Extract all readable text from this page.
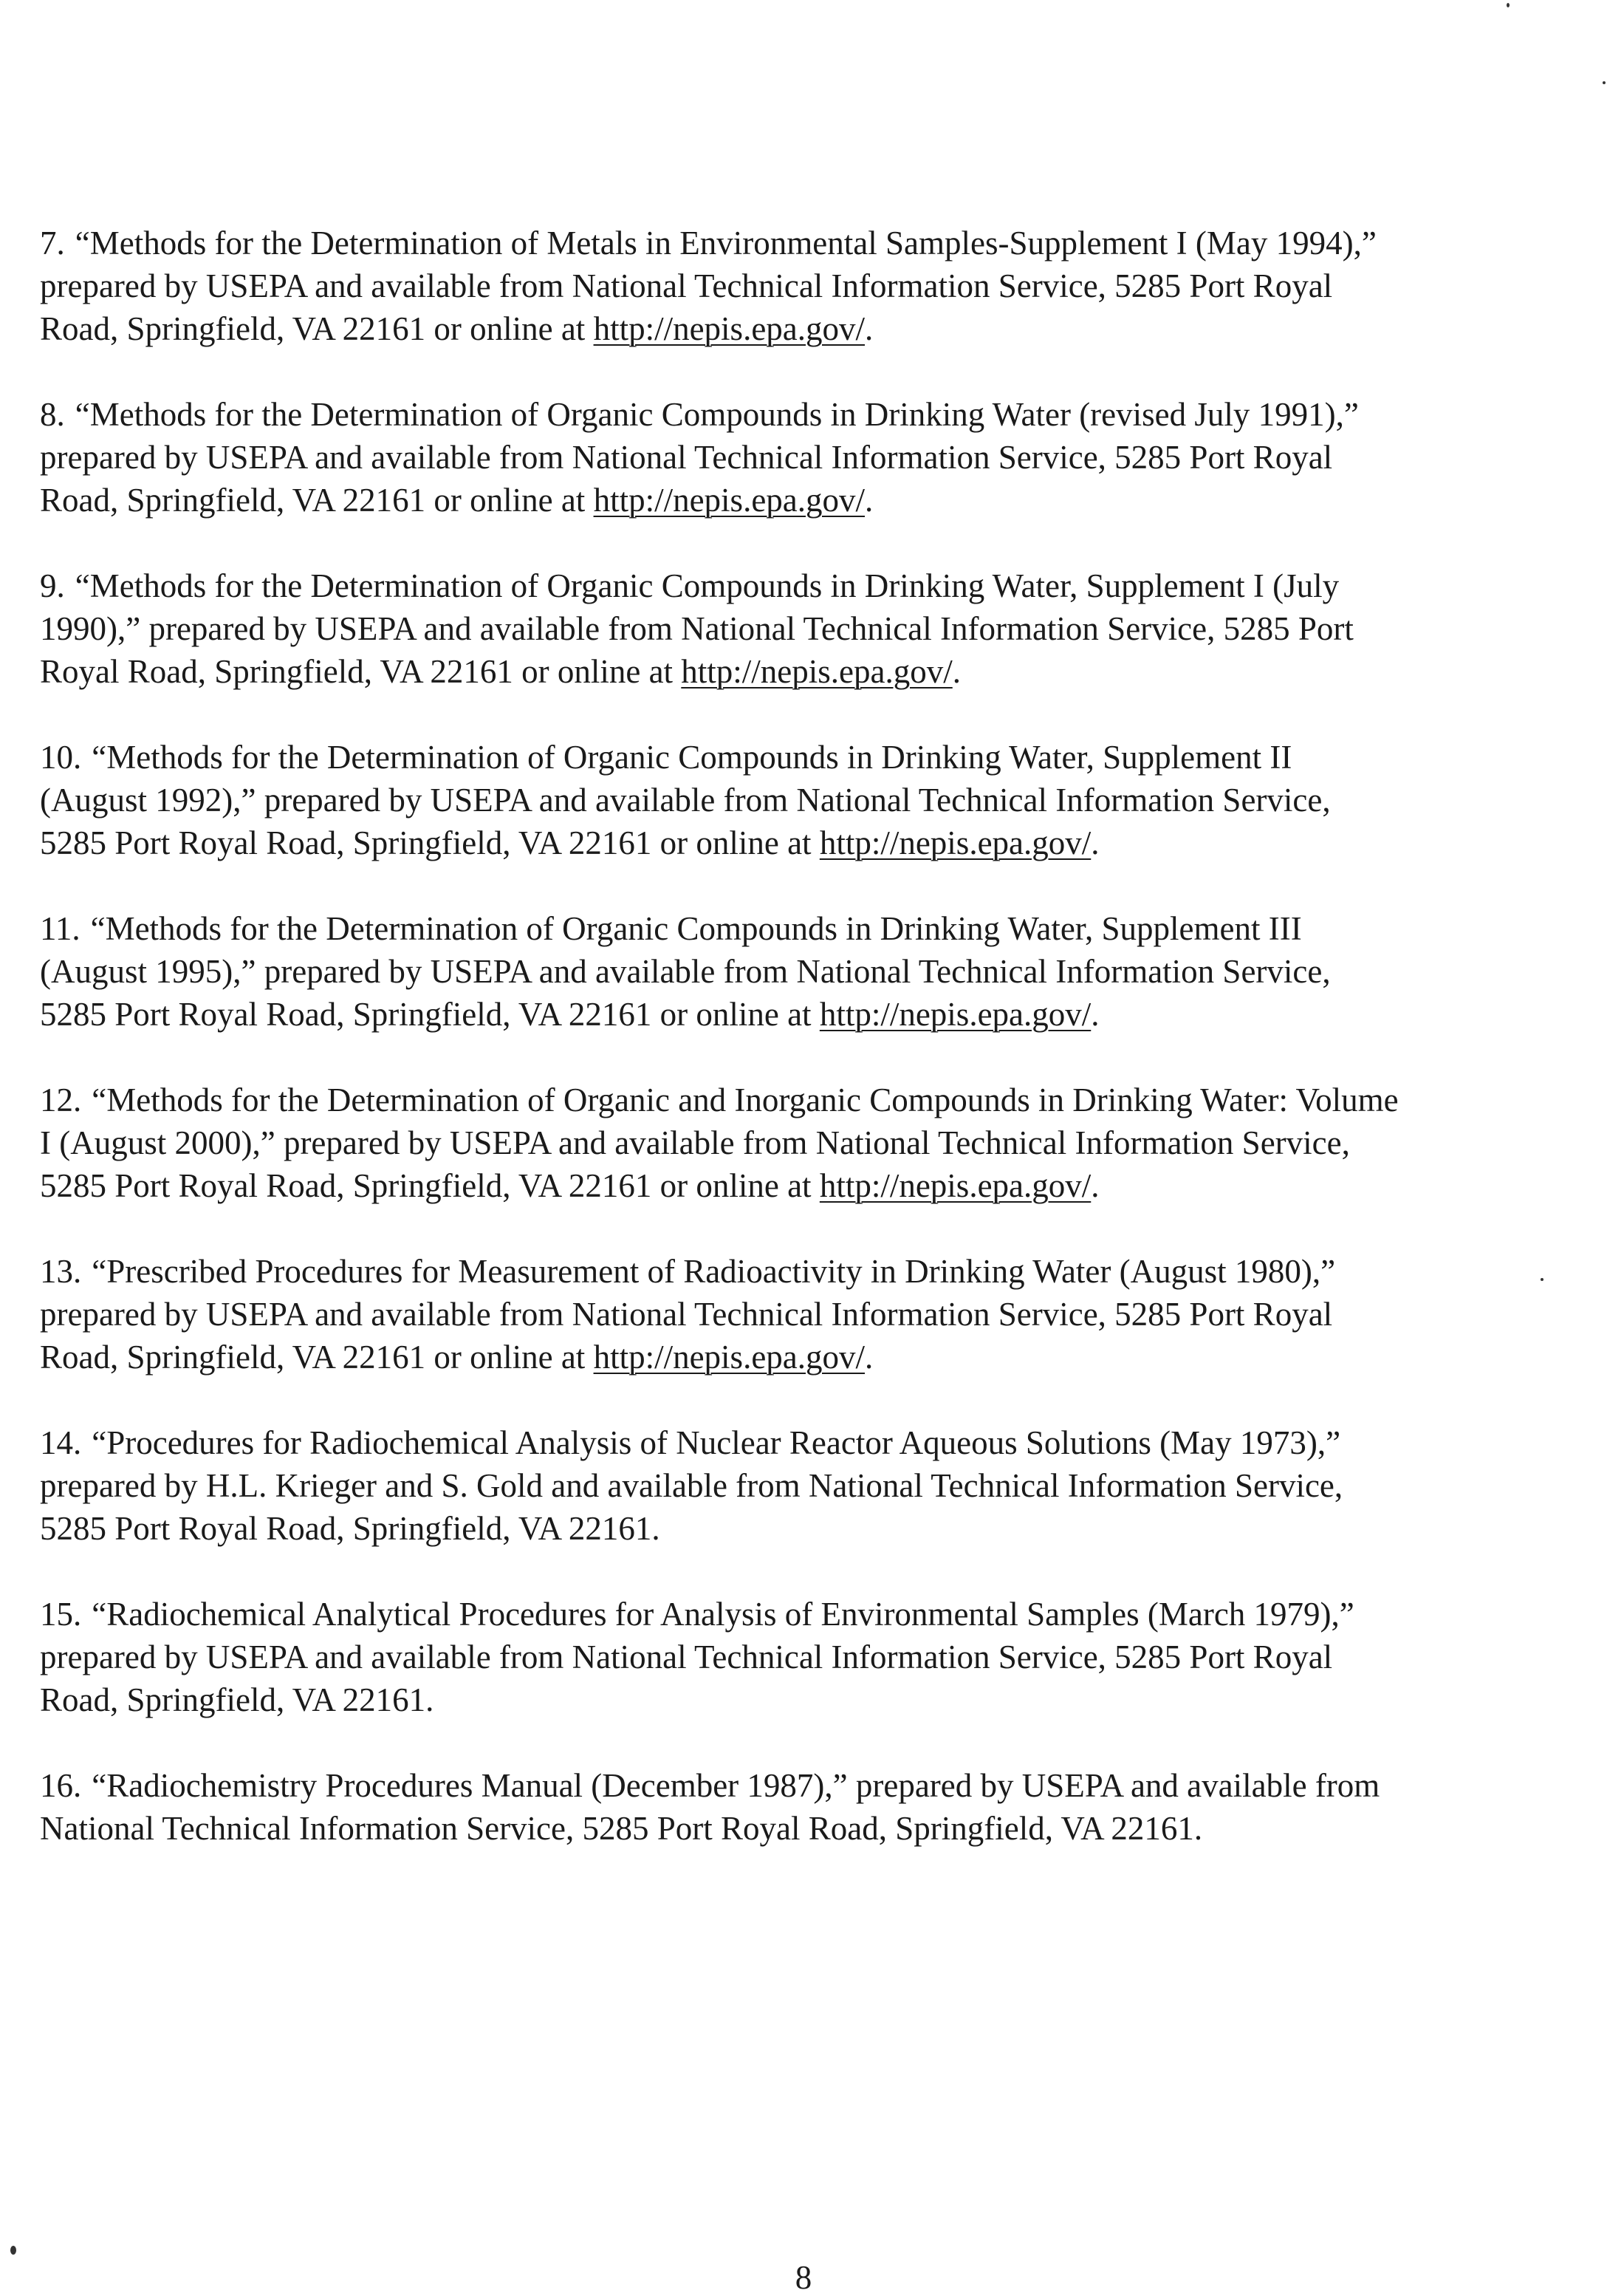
7. “Methods for the Determination of Metals in Environmental Samples-Supplement I (May 1994),” prepared by USEPA and available from National Technical Information Service, 5285 Port Royal Road, Springfield, VA 22161 or online at http://nepis.epa.gov/.
8. “Methods for the Determination of Organic Compounds in Drinking Water (revised July 1991),” prepared by USEPA and available from National Technical Information Service, 5285 Port Royal Road, Springfield, VA 22161 or online at http://nepis.epa.gov/.
9. “Methods for the Determination of Organic Compounds in Drinking Water, Supplement I (July 1990),” prepared by USEPA and available from National Technical Information Service, 5285 Port Royal Road, Springfield, VA 22161 or online at http://nepis.epa.gov/.
10. “Methods for the Determination of Organic Compounds in Drinking Water, Supplement II (August 1992),” prepared by USEPA and available from National Technical Information Service, 5285 Port Royal Road, Springfield, VA 22161 or online at http://nepis.epa.gov/.
11. “Methods for the Determination of Organic Compounds in Drinking Water, Supplement III (August 1995),” prepared by USEPA and available from National Technical Information Service, 5285 Port Royal Road, Springfield, VA 22161 or online at http://nepis.epa.gov/.
12. “Methods for the Determination of Organic and Inorganic Compounds in Drinking Water: Volume I (August 2000),” prepared by USEPA and available from National Technical Information Service, 5285 Port Royal Road, Springfield, VA 22161 or online at http://nepis.epa.gov/.
13. “Prescribed Procedures for Measurement of Radioactivity in Drinking Water (August 1980),” prepared by USEPA and available from National Technical Information Service, 5285 Port Royal Road, Springfield, VA 22161 or online at http://nepis.epa.gov/.
14. “Procedures for Radiochemical Analysis of Nuclear Reactor Aqueous Solutions (May 1973),” prepared by H.L. Krieger and S. Gold and available from National Technical Information Service, 5285 Port Royal Road, Springfield, VA 22161.
15. “Radiochemical Analytical Procedures for Analysis of Environmental Samples (March 1979),” prepared by USEPA and available from National Technical Information Service, 5285 Port Royal Road, Springfield, VA 22161.
16. “Radiochemistry Procedures Manual (December 1987),” prepared by USEPA and available from National Technical Information Service, 5285 Port Royal Road, Springfield, VA 22161.
8
